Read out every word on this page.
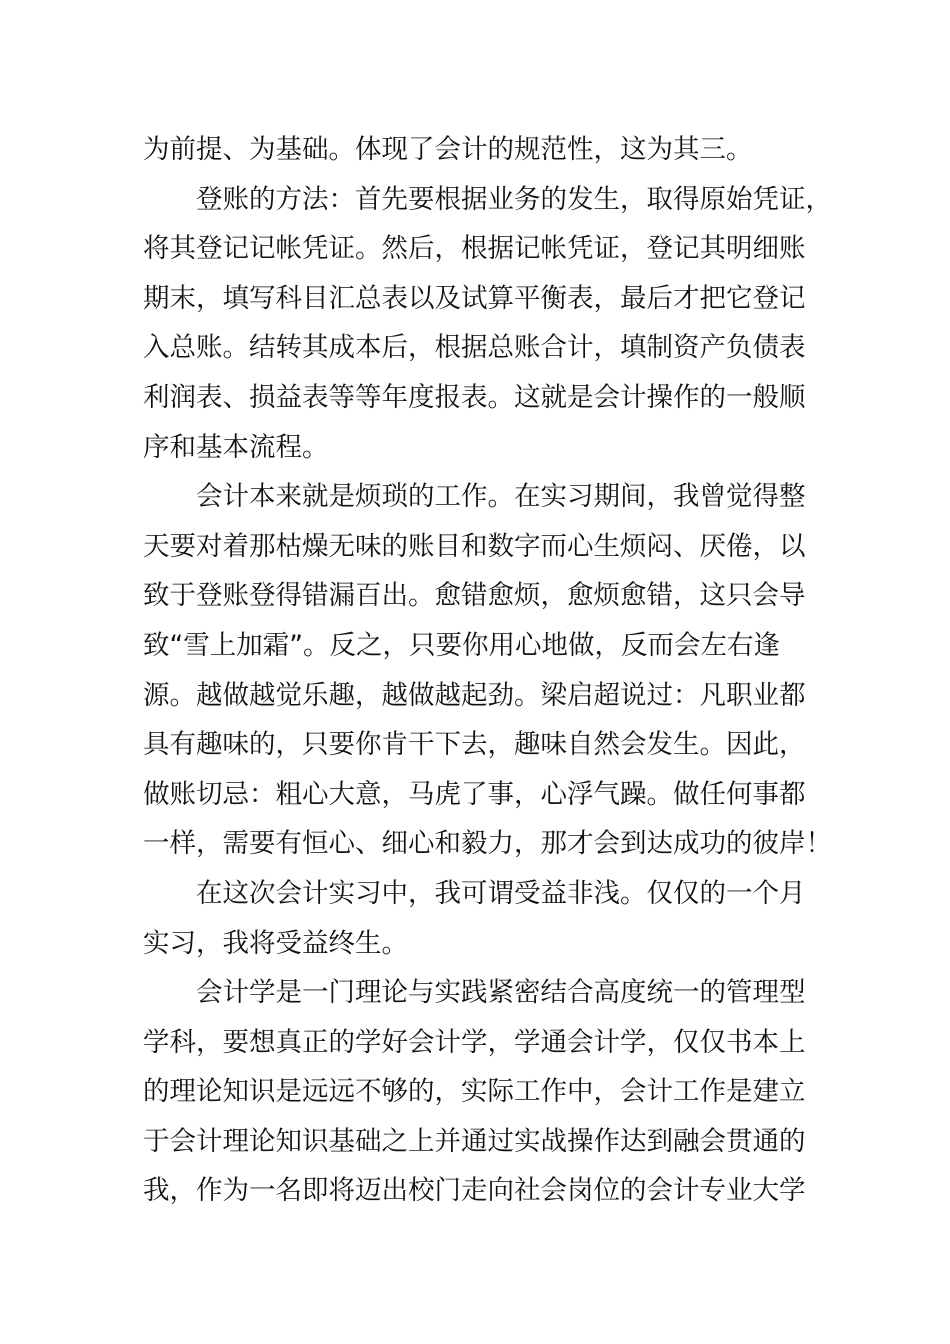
为前提、为基础。体现了会计的规范性，这为其三。
登账的方法：首先要根据业务的发生，取得原始凭证，
将其登记记帐凭证。然后，根据记帐凭证，登记其明细账
期末，填写科目汇总表以及试算平衡表，最后才把它登记
入总账。结转其成本后，根据总账合计，填制资产负债表
利润表、损益表等等年度报表。这就是会计操作的一般顺
序和基本流程。
会计本来就是烦琐的工作。在实习期间，我曾觉得整
天要对着那枯燥无味的账目和数字而心生烦闷、厌倦，以
致于登账登得错漏百出。愈错愈烦，愈烦愈错，这只会导
致“雪上加霜”。反之，只要你用心地做，反而会左右逢
源。越做越觉乐趣，越做越起劲。梁启超说过：凡职业都
具有趣味的，只要你肯干下去，趣味自然会发生。因此，
做账切忌：粗心大意，马虎了事，心浮气躁。做任何事都
一样，需要有恒心、细心和毅力，那才会到达成功的彼岸！
在这次会计实习中，我可谓受益非浅。仅仅的一个月
实习，我将受益终生。
会计学是一门理论与实践紧密结合高度统一的管理型
学科，要想真正的学好会计学，学通会计学，仅仅书本上
的理论知识是远远不够的，实际工作中，会计工作是建立
于会计理论知识基础之上并通过实战操作达到融会贯通的
我，作为一名即将迈出校门走向社会岗位的会计专业大学
